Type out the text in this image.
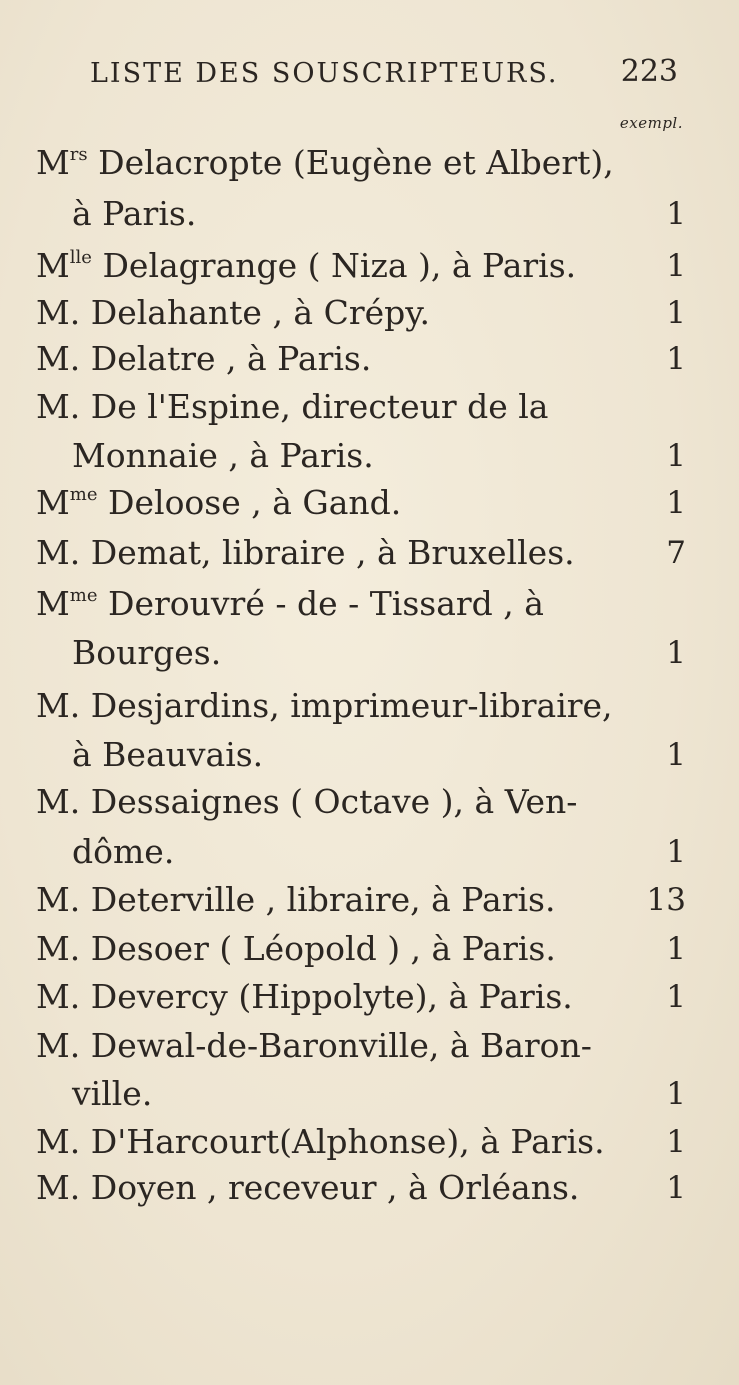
LISTE DES SOUSCRIPTEURS. 223
exempl.
$M^{rs}$ Delacropte (Eugène et Albert),
à Paris.	1
$M^{lle}$ Delagrange ( Niza ), à Paris.	1
M. Delahante , à Crépy.	1
M. Delatre , à Paris.	1
M. De l'Espine, directeur de la
Monnaie , à Paris.	1
$M^{me}$ Deloose , à Gand.	1
M. Demat, libraire , à Bruxelles.	7
$M^{me}$ Derouvré - de - Tissard , à
Bourges.	1
M. Desjardins, imprimeur-libraire,
à Beauvais.	1
M. Dessaignes ( Octave ), à Ven-
dôme.	1
M. Deterville , libraire, à Paris.	13
M. Desoer ( Léopold ) , à Paris.	1
M. Devercy (Hippolyte), à Paris.	1
M. Dewal-de-Baronville, à Baron-
ville.	1
M. D'Harcourt(Alphonse), à Paris. 1
M. Doyen , receveur , à Orléans.	1
